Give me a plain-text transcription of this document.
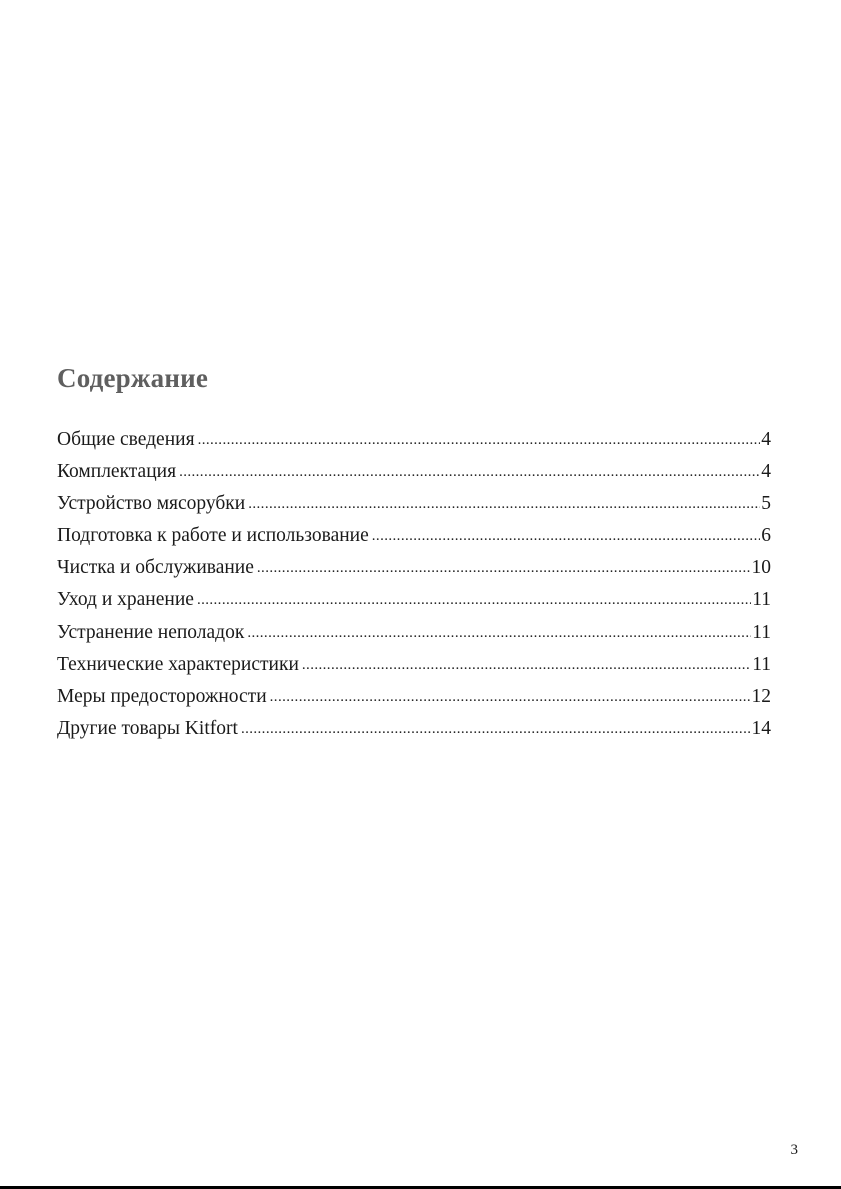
Содержание
Общие сведения .....	4
Комплектация .....	4
Устройство мясорубки .....	5
Подготовка к работе и использование .....	6
Чистка и обслуживание .....	10
Уход и хранение .....	11
Устранение неполадок .....	11
Технические характеристики .....	11
Меры предосторожности .....	12
Другие товары Kitfort .....	14
3
